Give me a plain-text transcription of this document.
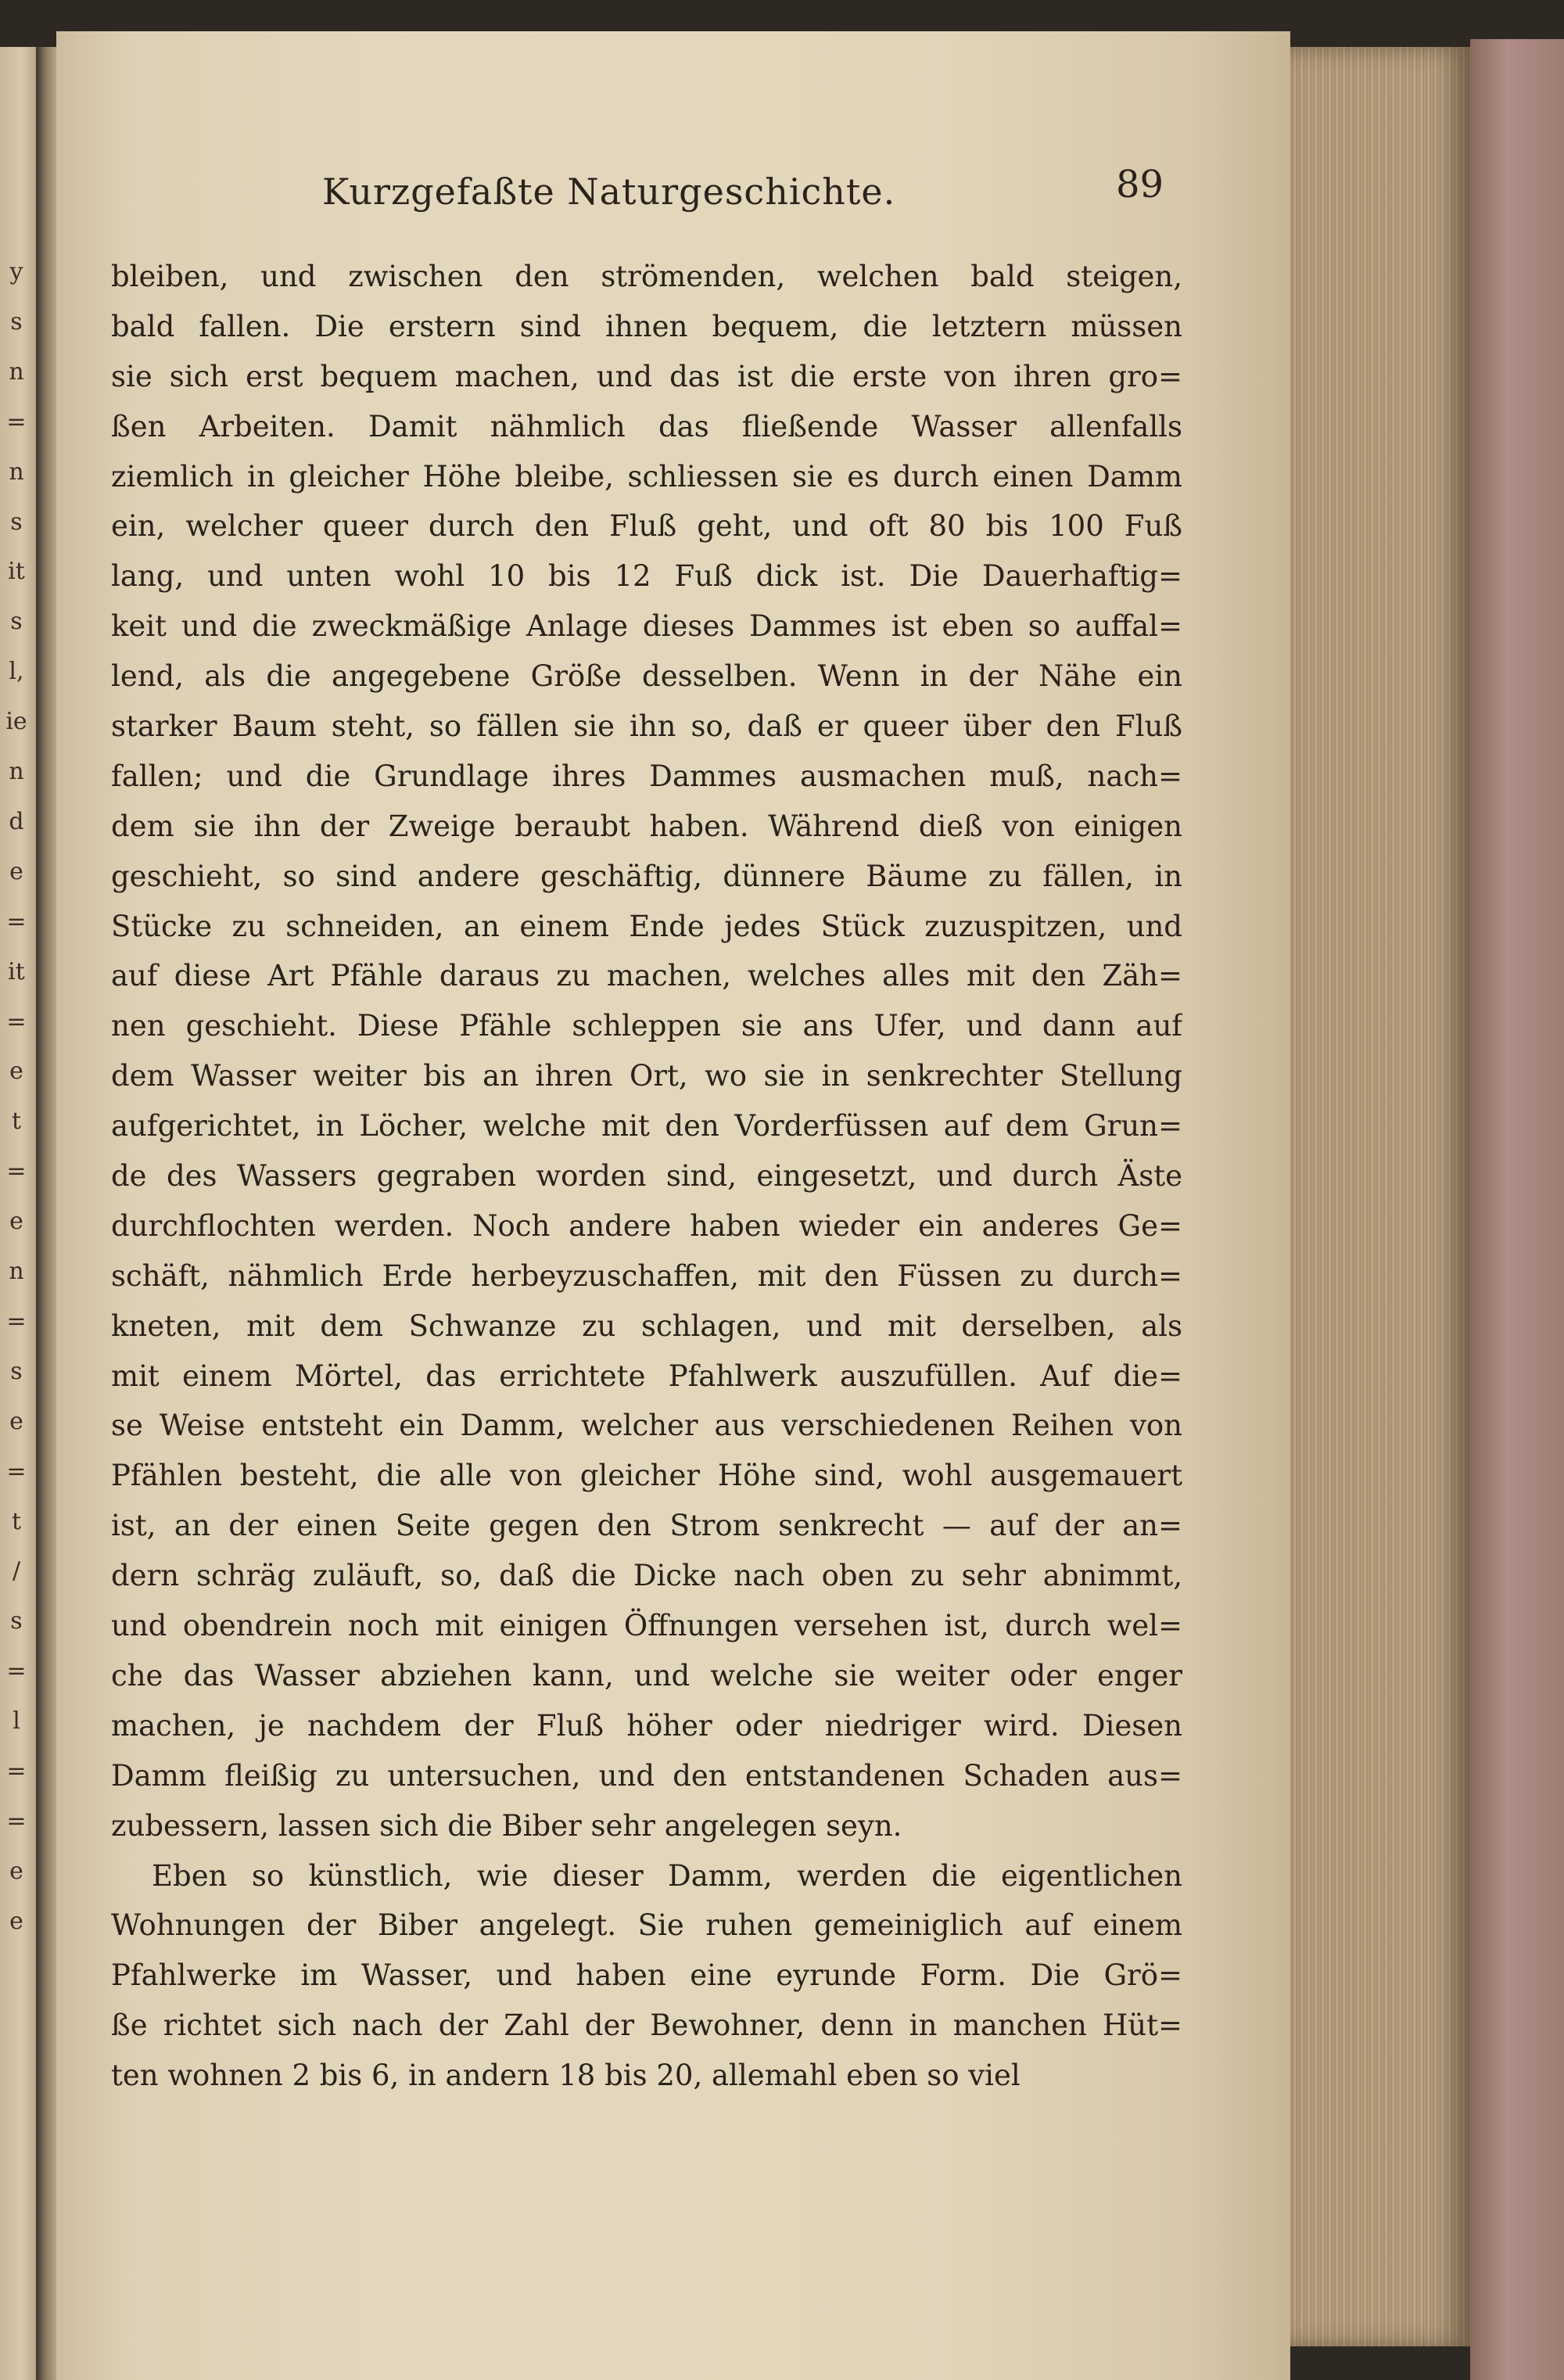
y
s
n
=
n
s
it
s
l,
ie
n
d
e
=
it
=
e
t
=
e
n
=
s
e
=
t
/
s
=
l
=
=
e
e
Kurzgefaßte Naturgeschichte.	89
bleiben, und zwischen den strömenden, welchen bald steigen,
bald fallen. Die erstern sind ihnen bequem, die letztern müssen
sie sich erst bequem machen, und das ist die erste von ihren gro=
ßen Arbeiten. Damit nähmlich das fließende Wasser allenfalls
ziemlich in gleicher Höhe bleibe, schliessen sie es durch einen Damm
ein, welcher queer durch den Fluß geht, und oft 80 bis 100 Fuß
lang, und unten wohl 10 bis 12 Fuß dick ist. Die Dauerhaftig=
keit und die zweckmäßige Anlage dieses Dammes ist eben so auffal=
lend, als die angegebene Größe desselben. Wenn in der Nähe ein
starker Baum steht, so fällen sie ihn so, daß er queer über den Fluß
fallen; und die Grundlage ihres Dammes ausmachen muß, nach=
dem sie ihn der Zweige beraubt haben. Während dieß von einigen
geschieht, so sind andere geschäftig, dünnere Bäume zu fällen, in
Stücke zu schneiden, an einem Ende jedes Stück zuzuspitzen, und
auf diese Art Pfähle daraus zu machen, welches alles mit den Zäh=
nen geschieht. Diese Pfähle schleppen sie ans Ufer, und dann auf
dem Wasser weiter bis an ihren Ort, wo sie in senkrechter Stellung
aufgerichtet, in Löcher, welche mit den Vorderfüssen auf dem Grun=
de des Wassers gegraben worden sind, eingesetzt, und durch Äste
durchflochten werden. Noch andere haben wieder ein anderes Ge=
schäft, nähmlich Erde herbeyzuschaffen, mit den Füssen zu durch=
kneten, mit dem Schwanze zu schlagen, und mit derselben, als
mit einem Mörtel, das errichtete Pfahlwerk auszufüllen. Auf die=
se Weise entsteht ein Damm, welcher aus verschiedenen Reihen von
Pfählen besteht, die alle von gleicher Höhe sind, wohl ausgemauert
ist, an der einen Seite gegen den Strom senkrecht — auf der an=
dern schräg zuläuft, so, daß die Dicke nach oben zu sehr abnimmt,
und obendrein noch mit einigen Öffnungen versehen ist, durch wel=
che das Wasser abziehen kann, und welche sie weiter oder enger
machen, je nachdem der Fluß höher oder niedriger wird. Diesen
Damm fleißig zu untersuchen, und den entstandenen Schaden aus=
zubessern, lassen sich die Biber sehr angelegen seyn.
Eben so künstlich, wie dieser Damm, werden die eigentlichen
Wohnungen der Biber angelegt. Sie ruhen gemeiniglich auf einem
Pfahlwerke im Wasser, und haben eine eyrunde Form. Die Grö=
ße richtet sich nach der Zahl der Bewohner, denn in manchen Hüt=
ten wohnen 2 bis 6, in andern 18 bis 20, allemahl eben so viel
